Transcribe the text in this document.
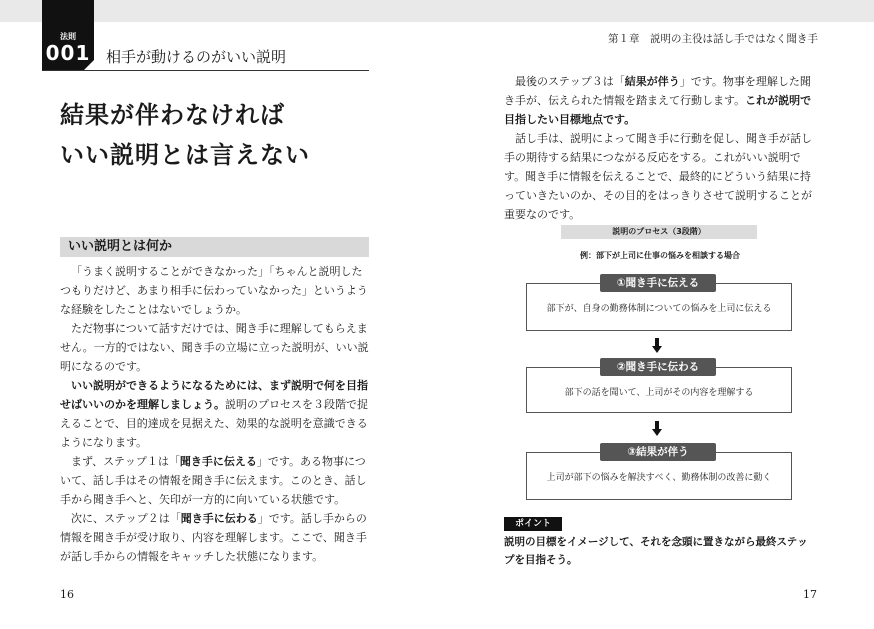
法則
001 相手が動けるのがいい説明
結果が伴わなければ
いい説明とは言えない
いい説明とは何か

「うまく説明することができなかった」「ちゃんと説明したつもりだけど、あまり相手に伝わっていなかった」というような経験をしたことはないでしょうか。

ただ物事について話すだけでは、聞き手に理解してもらえません。一方的ではない、聞き手の立場に立った説明が、いい説明になるのです。

いい説明ができるようになるためには、まず説明で何を目指せばいいのかを理解しましょう。説明のプロセスを３段階で捉えることで、目的達成を見据えた、効果的な説明を意識できるようになります。

まず、ステップ１は「聞き手に伝える」です。ある物事について、話し手はその情報を聞き手に伝えます。このとき、話し手から聞き手へと、矢印が一方的に向いている状態です。

次に、ステップ２は「聞き手に伝わる」です。話し手からの情報を聞き手が受け取り、内容を理解します。ここで、聞き手が話し手からの情報をキャッチした状態になります。

16
第１章　説明の主役は話し手ではなく聞き手

最後のステップ３は「結果が伴う」です。物事を理解した聞き手が、伝えられた情報を踏まえて行動します。これが説明で目指したい目標地点です。

話し手は、説明によって聞き手に行動を促し、聞き手が話し手の期待する結果につながる反応をする。これがいい説明です。聞き手に情報を伝えることで、最終的にどういう結果に持っていきたいのか、その目的をはっきりさせて説明することが重要なのです。

説明のプロセス（3段階）
例：部下が上司に仕事の悩みを相談する場合
部下が、自身の勤務体制についての悩みを上司に伝える
①聞き手に伝える
部下の話を聞いて、上司がその内容を理解する
②聞き手に伝わる
上司が部下の悩みを解決すべく、勤務体制の改善に動く
③結果が伴う
ポイント
説明の目標をイメージして、それを念頭に置きながら最終ステップを目指そう。
17
